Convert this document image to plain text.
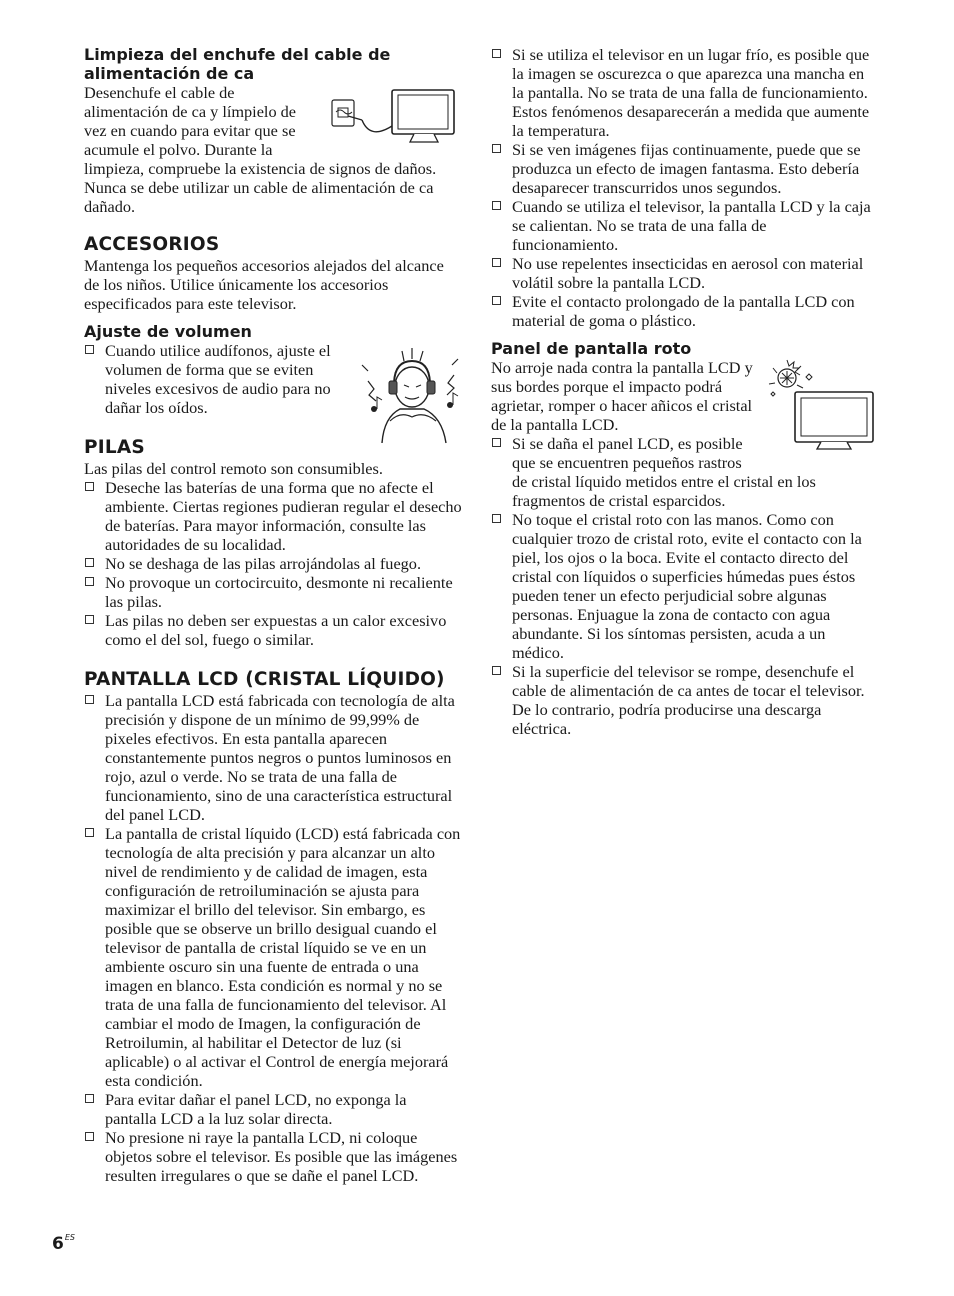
Limpieza del enchufe del cable de
alimentación de ca

Desenchufe el cable de alimentación de ca y límpielo de vez en cuando para evitar que se acumule el polvo. Durante la limpieza, compruebe la existencia de signos de daños. Nunca se debe utilizar un cable de alimentación de ca dañado.

ACCESORIOS

Mantenga los pequeños accesorios alejados del alcance de los niños. Utilice únicamente los accesorios especificados para este televisor.

Ajuste de volumen
Cuando utilice audífonos, ajuste el volumen de forma que se eviten niveles excesivos de audio para no dañar los oídos.
PILAS

Las pilas del control remoto son consumibles.

Deseche las baterías de una forma que no afecte el ambiente. Ciertas regiones pudieran regular el desecho de baterías. Para mayor información, consulte las autoridades de su localidad.
No se deshaga de las pilas arrojándolas al fuego.
No provoque un cortocircuito, desmonte ni recaliente las pilas.
Las pilas no deben ser expuestas a un calor excesivo como el del sol, fuego o similar.
PANTALLA LCD (CRISTAL LÍQUIDO)
La pantalla LCD está fabricada con tecnología de alta precisión y dispone de un mínimo de 99,99% de pixeles efectivos. En esta pantalla aparecen constantemente puntos negros o puntos luminosos en rojo, azul o verde. No se trata de una falla de funcionamiento, sino de una característica estructural del panel LCD.
La pantalla de cristal líquido (LCD) está fabricada con tecnología de alta precisión y para alcanzar un alto nivel de rendimiento y de calidad de imagen, esta configuración de retroiluminación se ajusta para maximizar el brillo del televisor. Sin embargo, es posible que se observe un brillo desigual cuando el televisor de pantalla de cristal líquido se ve en un ambiente oscuro sin una fuente de entrada o una imagen en blanco. Esta condición es normal y no se trata de una falla de funcionamiento del televisor. Al cambiar el modo de Imagen, la configuración de Retroilumin, al habilitar el Detector de luz (si aplicable) o al activar el Control de energía mejorará esta condición.
Para evitar dañar el panel LCD, no exponga la pantalla LCD a la luz solar directa.
No presione ni raye la pantalla LCD, ni coloque objetos sobre el televisor. Es posible que las imágenes resulten irregulares o que se dañe el panel LCD.
Si se utiliza el televisor en un lugar frío, es posible que la imagen se oscurezca o que aparezca una mancha en la pantalla. No se trata de una falla de funcionamiento. Estos fenómenos desaparecerán a medida que aumente la temperatura.
Si se ven imágenes fijas continuamente, puede que se produzca un efecto de imagen fantasma. Esto debería desaparecer transcurridos unos segundos.
Cuando se utiliza el televisor, la pantalla LCD y la caja se calientan. No se trata de una falla de funcionamiento.
No use repelentes insecticidas en aerosol con material volátil sobre la pantalla LCD.
Evite el contacto prolongado de la pantalla LCD con material de goma o plástico.
Panel de pantalla roto

No arroje nada contra la pantalla LCD y sus bordes porque el impacto podrá agrietar, romper o hacer añicos el cristal de la pantalla LCD.

Si se daña el panel LCD, es posible que se encuentren pequeños rastros de cristal líquido metidos entre el cristal en los fragmentos de cristal esparcidos.
No toque el cristal roto con las manos. Como con cualquier trozo de cristal roto, evite el contacto con la piel, los ojos o la boca. Evite el contacto directo del cristal con líquidos o superficies húmedas pues éstos pueden tener un efecto perjudicial sobre algunas personas. Enjuague la zona de contacto con agua abundante. Si los síntomas persisten, acuda a un médico.
Si la superficie del televisor se rompe, desenchufe el cable de alimentación de ca antes de tocar el televisor. De lo contrario, podría producirse una descarga eléctrica.
$6^{ES}$
